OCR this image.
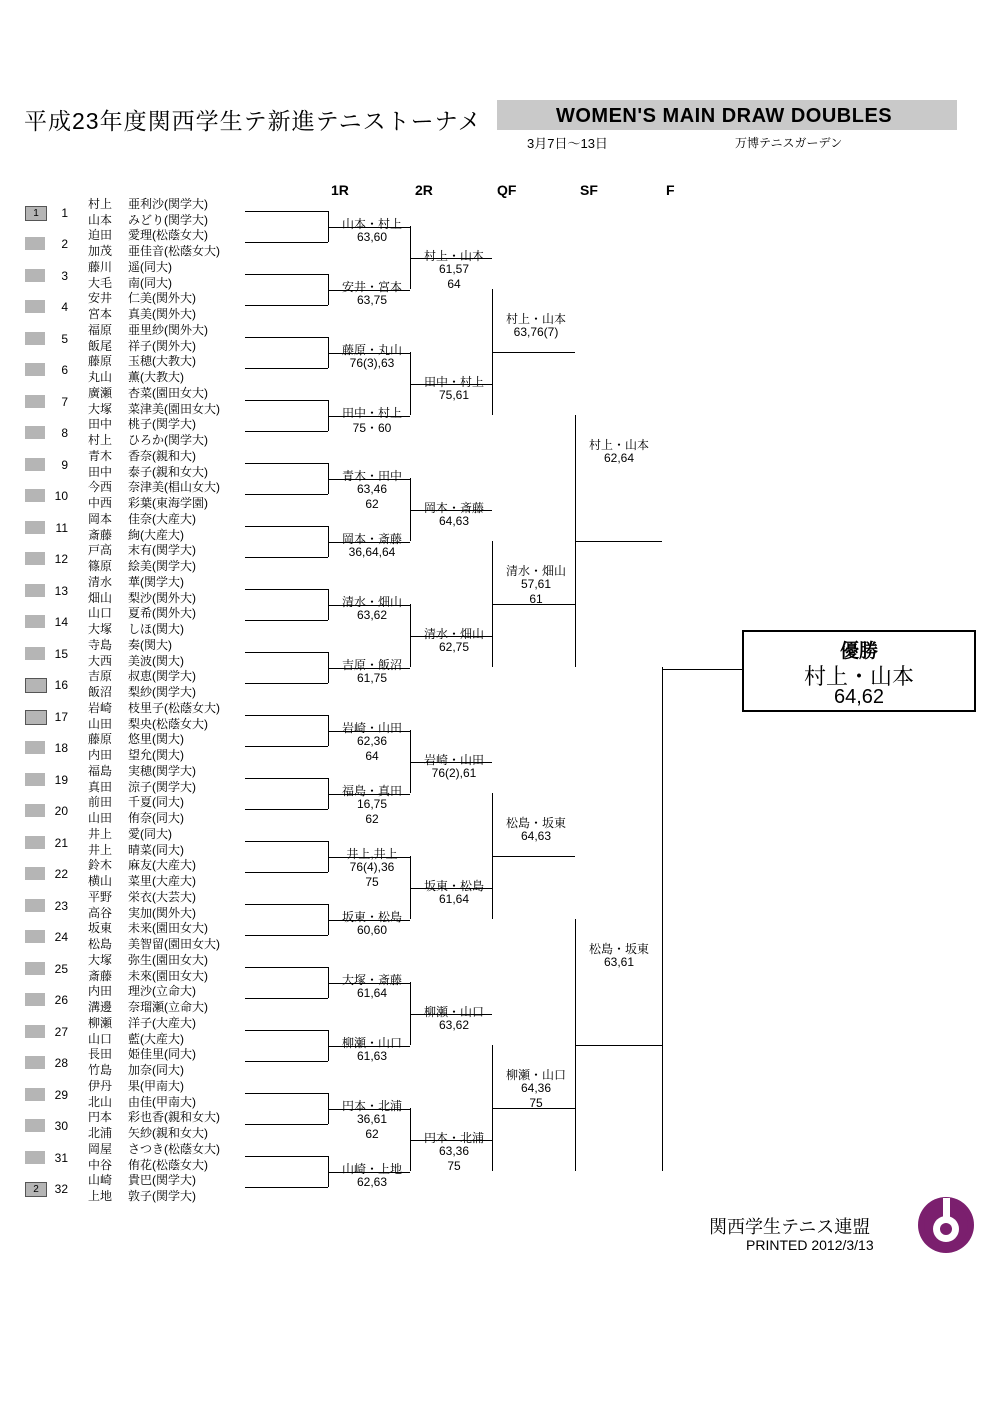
平成23年度関西学生テ新進テニストーナメ	WOMEN'S MAIN DRAW DOUBLES
3月7日〜13日	万博テニスガーデン
1R	2R	QF	SF	F
1	1
村上 亜利沙(関学大)
山本 みどり(関学大)
2
迫田 愛理(松蔭女大)
加茂 亜佳音(松蔭女大)
3
藤川 遥(同大)
大毛 南(同大)
4
安井 仁美(関外大)
宮本 真美(関外大)
5
福原 亜里紗(関外大)
飯尾 祥子(関外大)
6
藤原 玉穂(大教大)
丸山 薫(大教大)
7
廣瀬 杏菜(園田女大)
大塚 菜津美(園田女大)
8
田中 桃子(関学大)
村上 ひろか(関学大)
9
青木 香奈(親和大)
田中 泰子(親和女大)
10
今西 奈津美(椙山女大)
中西 彩葉(東海学園)
11
岡本 佳奈(大産大)
斎藤 絢(大産大)
12
戸高 末有(関学大)
篠原 絵美(関学大)
13
清水 華(関学大)
畑山 梨沙(関外大)
14
山口 夏希(関外大)
大塚 しほ(関大)
15
寺島 奏(関大)
大西 美波(関大)
16
吉原 叔恵(関学大)
飯沼 梨紗(関学大)
17
岩崎 枝里子(松蔭女大)
山田 梨央(松蔭女大)
18
藤原 悠里(関大)
内田 望允(関大)
19
福島 実穂(関学大)
真田 涼子(関学大)
20
前田 千夏(同大)
山田 侑奈(同大)
21
井上 愛(同大)
井上 晴菜(同大)
22
鈴木 麻友(大産大)
横山 菜里(大産大)
23
平野 栄衣(大芸大)
高谷 実加(関外大)
24
坂東 未来(園田女大)
松島 美智留(園田女大)
25
大塚 弥生(園田女大)
斎藤 未來(園田女大)
26
内田 理沙(立命大)
溝邊 奈瑠瀬(立命大)
27
柳瀬 洋子(大産大)
山口 藍(大産大)
28
長田 姫佳里(同大)
竹島 加奈(同大)
29
伊丹 果(甲南大)
北山 由佳(甲南大)
30
円本 彩也香(親和女大)
北浦 矢紗(親和女大)
31
岡屋 さつき(松蔭女大)
中谷 侑花(松蔭女大)
2	32
山崎 貴巴(関学大)
上地 敦子(関学大)
山本・村上
63,60
安井・宮本
63,75
藤原・丸山
76(3),63
田中・村上
75・60
青木・田中
63,46
62
岡本・斎藤
36,64,64
清水・畑山
63,62
吉原・飯沼
61,75
岩崎・山田
62,36
64
福島・真田
16,75
62
井上,井上
76(4),36
75
坂東・松島
60,60
大塚・斎藤
61,64
柳瀬・山口
61,63
円本・北浦
36,61
62
山崎・上地
62,63
村上・山本
61,57
64
田中・村上
75,61
岡本・斎藤
64,63
清水・畑山
62,75
岩崎・山田
76(2),61
坂東・松島
61,64
柳瀬・山口
63,62
円本・北浦
63,36
75
村上・山本
63,76(7)
清水・畑山
57,61
61
松島・坂東
64,63
柳瀬・山口
64,36
75
村上・山本
62,64
松島・坂東
63,61
優勝
村上・山本
64,62
関西学生テニス連盟
PRINTED 2012/3/13
